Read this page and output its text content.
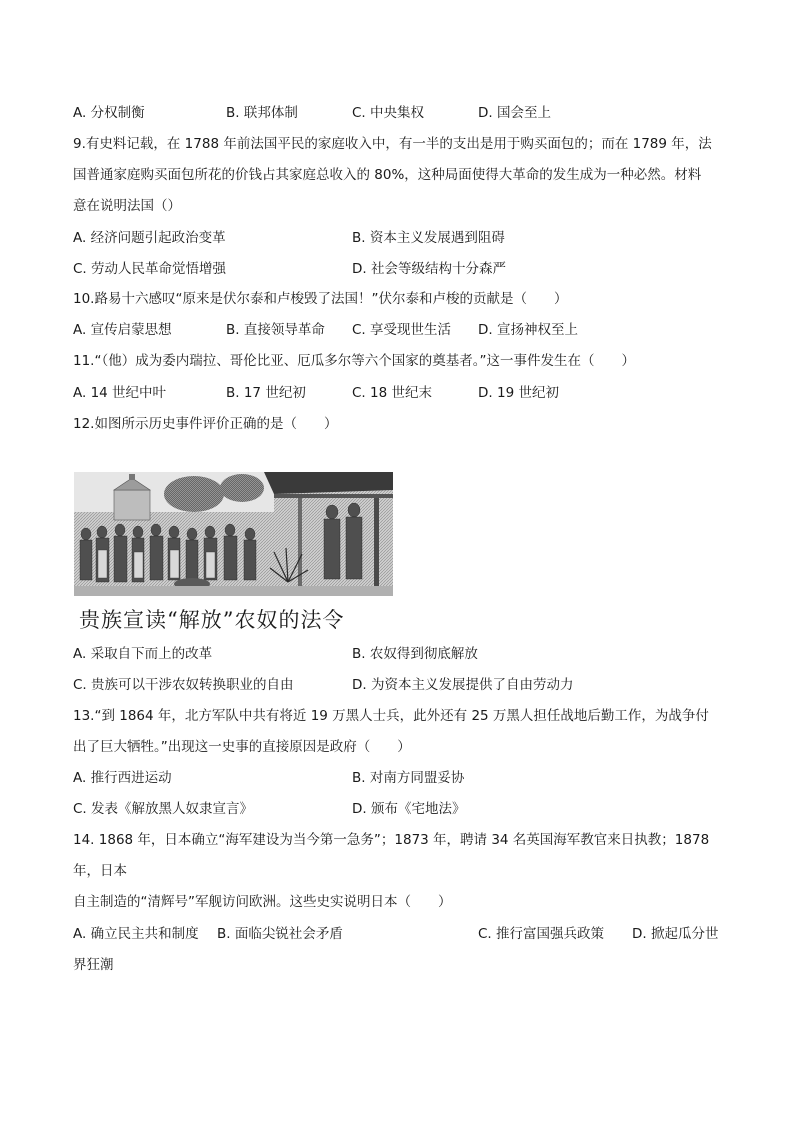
A. 分权制衡	B. 联邦体制	C. 中央集权	D. 国会至上
9.有史料记载，在 1788 年前法国平民的家庭收入中，有一半的支出是用于购买面包的；而在 1789 年，法
国普通家庭购买面包所花的价钱占其家庭总收入的 80%，这种局面使得大革命的发生成为一种必然。材料
意在说明法国（）
A. 经济问题引起政治变革	B. 资本主义发展遇到阻碍
C. 劳动人民革命觉悟增强	D. 社会等级结构十分森严
10.路易十六感叹“原来是伏尔泰和卢梭毁了法国！”伏尔泰和卢梭的贡献是（　　）
A. 宣传启蒙思想	B. 直接领导革命 C. 享受现世生活 D. 宣扬神权至上
11.“（他）成为委内瑞拉、哥伦比亚、厄瓜多尔等六个国家的奠基者。”这一事件发生在（　　）
A. 14 世纪中叶	B. 17 世纪初	C. 18 世纪末	D. 19 世纪初
12.如图所示历史事件评价正确的是（　　）
贵族宣读“解放”农奴的法令
A. 采取自下而上的改革	B. 农奴得到彻底解放
C. 贵族可以干涉农奴转换职业的自由	D. 为资本主义发展提供了自由劳动力
13.“到 1864 年，北方军队中共有将近 19 万黑人士兵，此外还有 25 万黑人担任战地后勤工作，为战争付
出了巨大牺牲。”出现这一史事的直接原因是政府（　　）
A. 推行西进运动	B. 对南方同盟妥协
C. 发表《解放黑人奴隶宣言》	D. 颁布《宅地法》
14. 1868 年，日本确立“海军建设为当今第一急务”；1873 年，聘请 34 名英国海军教官来日执教；1878
年，日本
自主制造的“清辉号”军舰访问欧洲。这些史实说明日本（　　）
A. 确立民主共和制度 B. 面临尖锐社会矛盾	C. 推行富国强兵政策 D. 掀起瓜分世
界狂潮
